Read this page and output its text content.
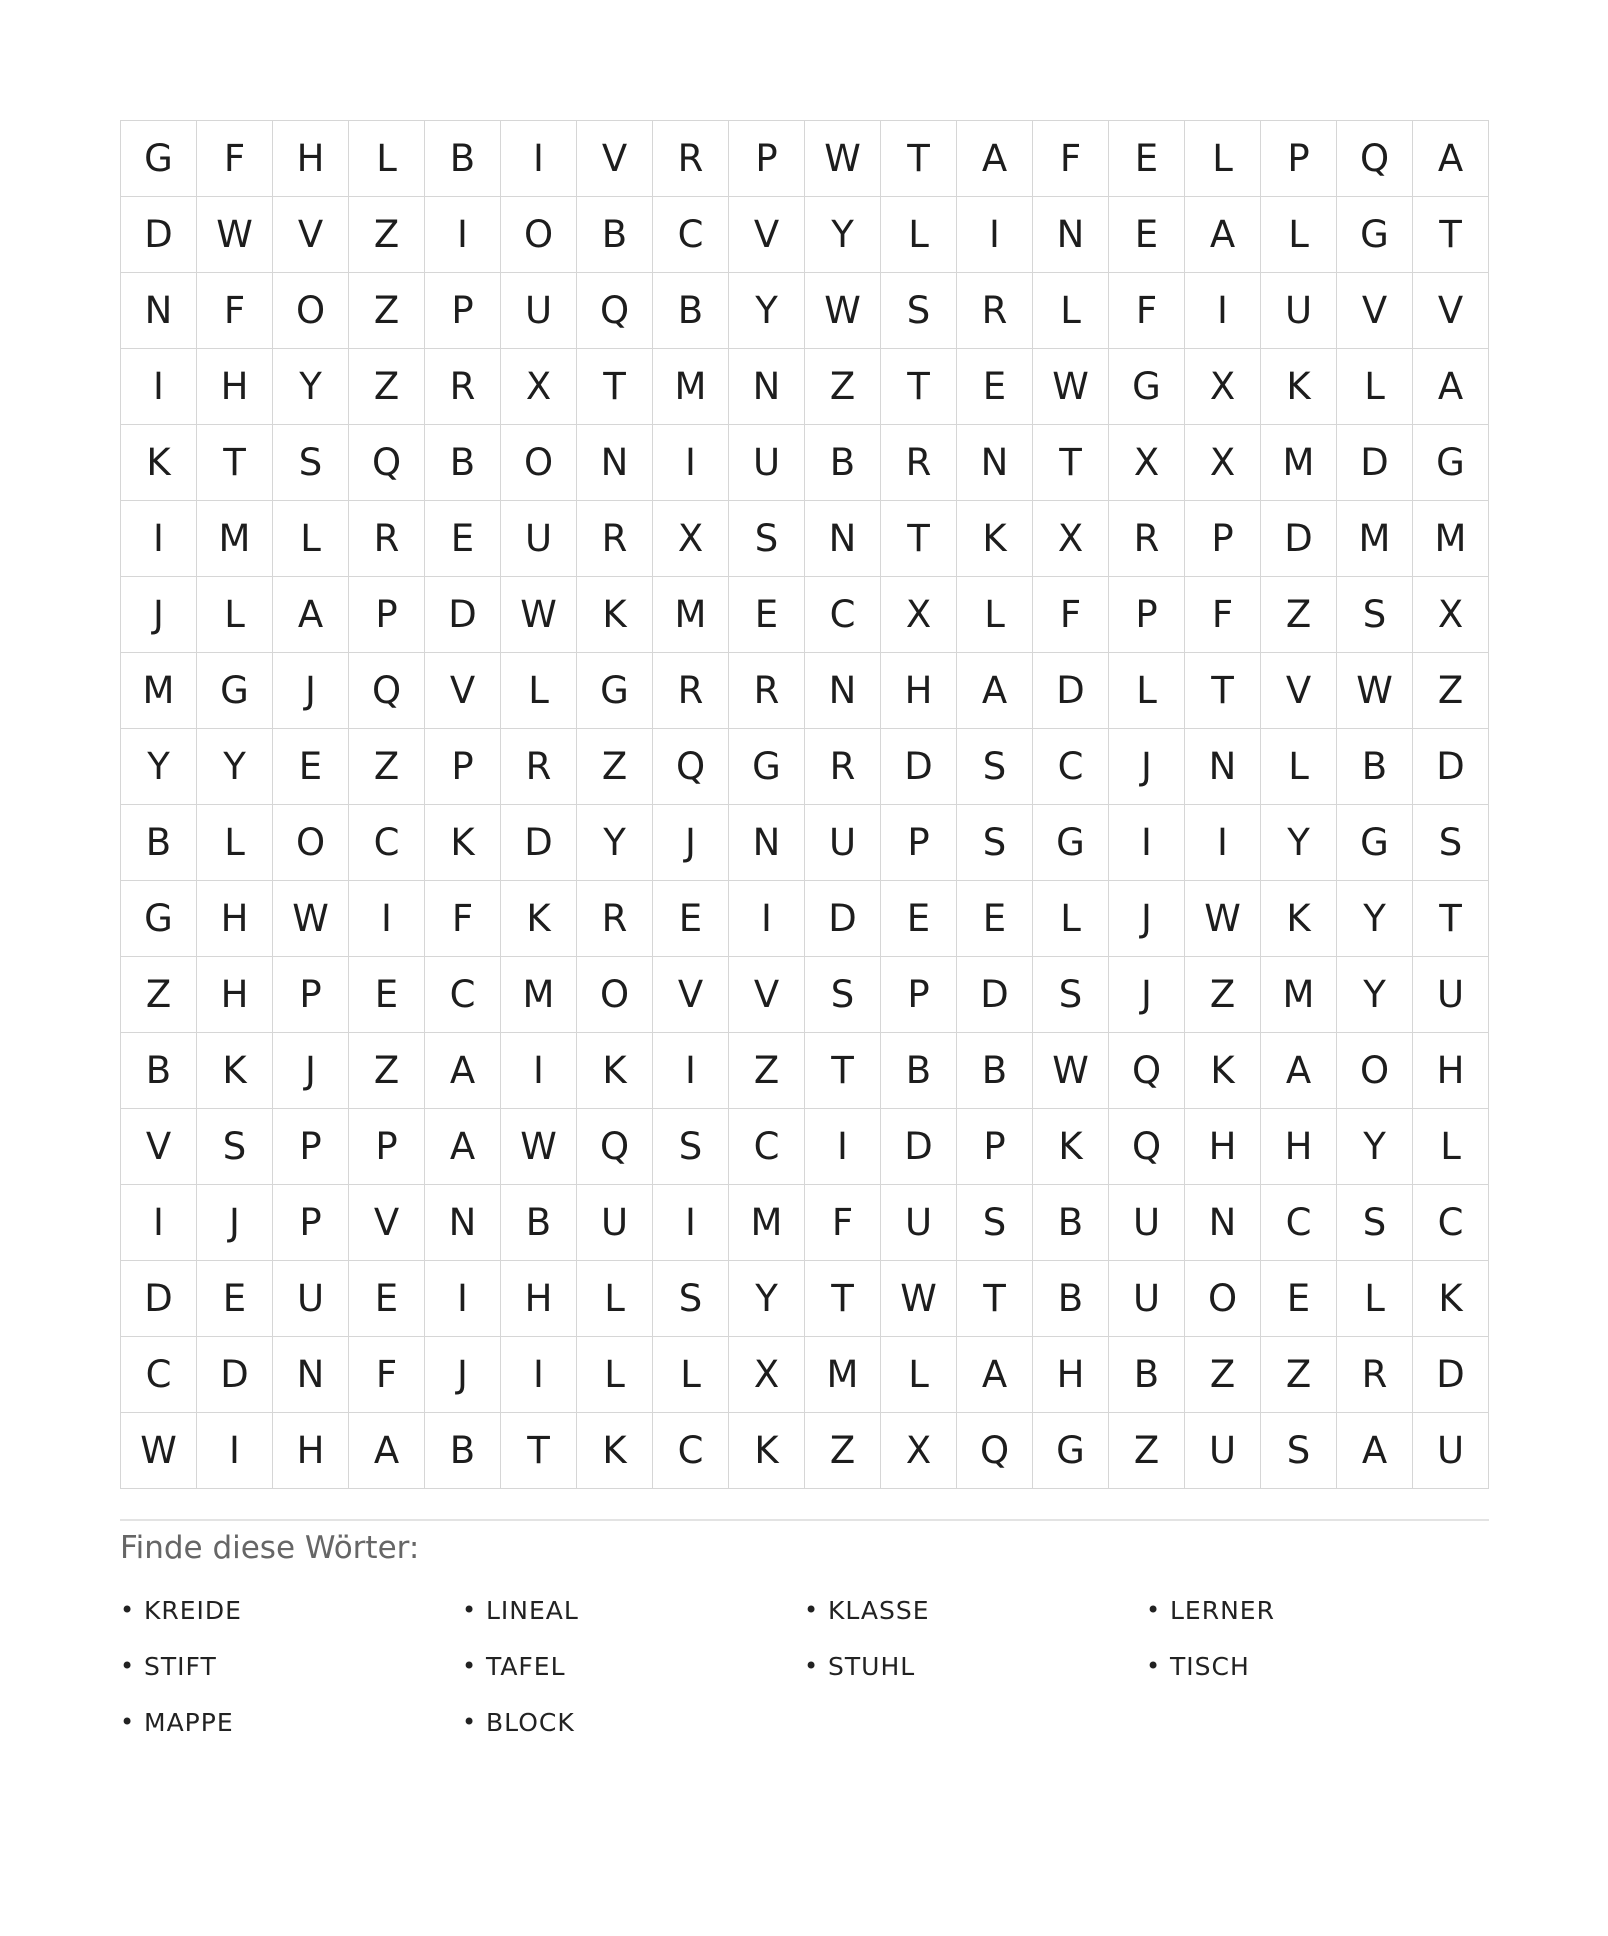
G	F	H	L	B	I	V	R	P	W	T	A	F	E	L	P	Q	A
D	W	V	Z	I	O	B	C	V	Y	L	I	N	E	A	L	G	T
N	F	O	Z	P	U	Q	B	Y	W	S	R	L	F	I	U	V	V
I	H	Y	Z	R	X	T	M	N	Z	T	E	W	G	X	K	L	A
K	T	S	Q	B	O	N	I	U	B	R	N	T	X	X	M	D	G
I	M	L	R	E	U	R	X	S	N	T	K	X	R	P	D	M	M
J	L	A	P	D	W	K	M	E	C	X	L	F	P	F	Z	S	X
M	G	J	Q	V	L	G	R	R	N	H	A	D	L	T	V	W	Z
Y	Y	E	Z	P	R	Z	Q	G	R	D	S	C	J	N	L	B	D
B	L	O	C	K	D	Y	J	N	U	P	S	G	I	I	Y	G	S
G	H	W	I	F	K	R	E	I	D	E	E	L	J	W	K	Y	T
Z	H	P	E	C	M	O	V	V	S	P	D	S	J	Z	M	Y	U
B	K	J	Z	A	I	K	I	Z	T	B	B	W	Q	K	A	O	H
V	S	P	P	A	W	Q	S	C	I	D	P	K	Q	H	H	Y	L
I	J	P	V	N	B	U	I	M	F	U	S	B	U	N	C	S	C
D	E	U	E	I	H	L	S	Y	T	W	T	B	U	O	E	L	K
C	D	N	F	J	I	L	L	X	M	L	A	H	B	Z	Z	R	D
W	I	H	A	B	T	K	C	K	Z	X	Q	G	Z	U	S	A	U
Finde diese Wörter:
• KREIDE	• LINEAL	• KLASSE	• LERNER
• STIFT	• TAFEL	• STUHL	• TISCH
• MAPPE	• BLOCK
